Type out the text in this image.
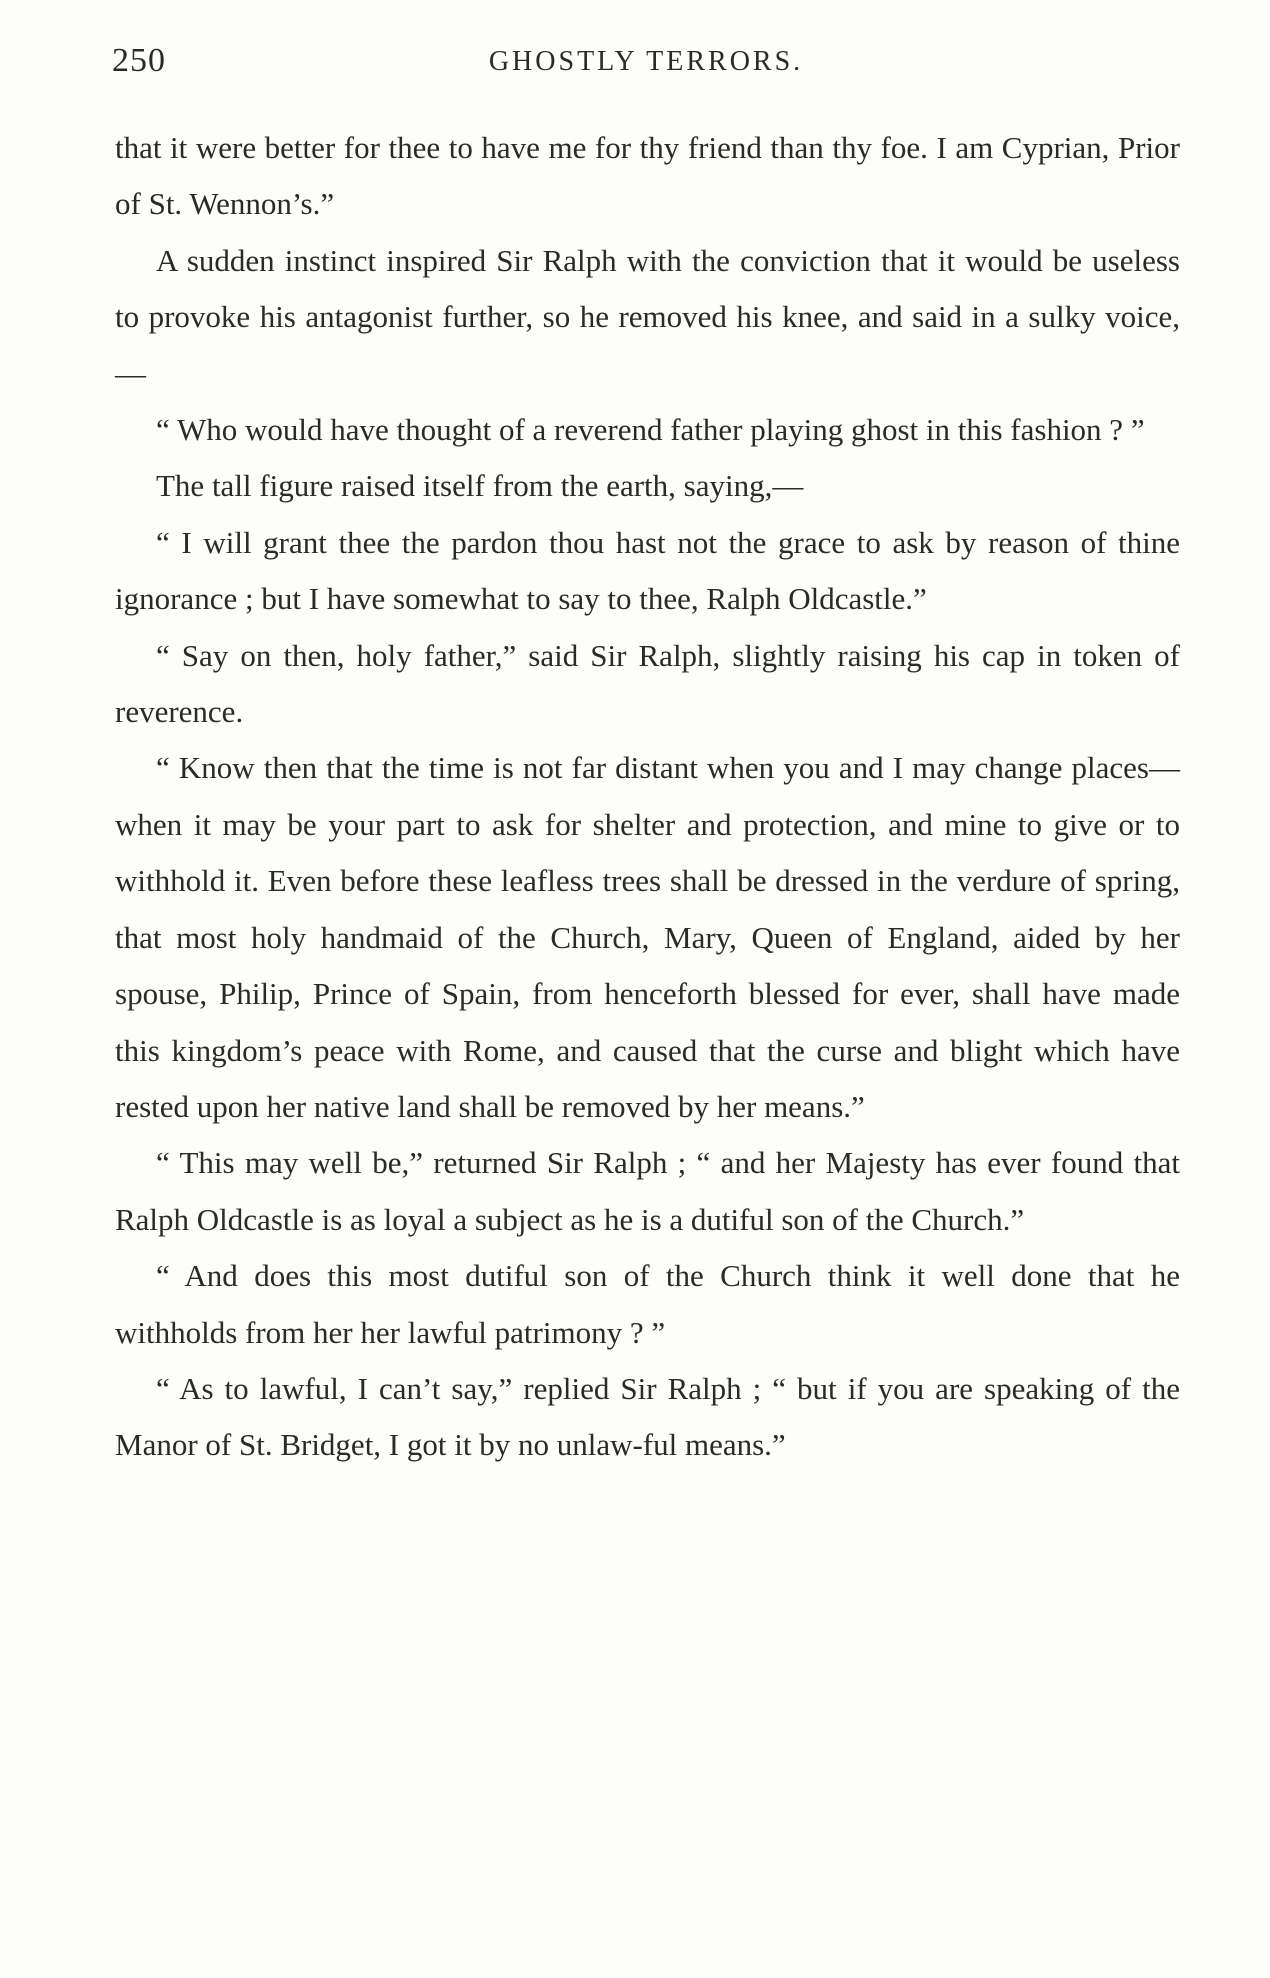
250	GHOSTLY TERRORS.

that it were better for thee to have me for thy friend than thy foe. I am Cyprian, Prior of St. Wennon’s.”

A sudden instinct inspired Sir Ralph with the conviction that it would be useless to provoke his antagonist further, so he removed his knee, and said in a sulky voice,—

“ Who would have thought of a reverend father playing ghost in this fashion ? ”

The tall figure raised itself from the earth, saying,—

“ I will grant thee the pardon thou hast not the grace to ask by reason of thine ignorance ; but I have somewhat to say to thee, Ralph Oldcastle.”

“ Say on then, holy father,” said Sir Ralph, slightly raising his cap in token of reverence.

“ Know then that the time is not far distant when you and I may change places—when it may be your part to ask for shelter and protection, and mine to give or to withhold it. Even before these leafless trees shall be dressed in the verdure of spring, that most holy handmaid of the Church, Mary, Queen of England, aided by her spouse, Philip, Prince of Spain, from henceforth blessed for ever, shall have made this kingdom’s peace with Rome, and caused that the curse and blight which have rested upon her native land shall be removed by her means.”

“ This may well be,” returned Sir Ralph ; “ and her Majesty has ever found that Ralph Oldcastle is as loyal a subject as he is a dutiful son of the Church.”

“ And does this most dutiful son of the Church think it well done that he withholds from her her lawful patrimony ? ”

“ As to lawful, I can’t say,” replied Sir Ralph ; “ but if you are speaking of the Manor of St. Bridget, I got it by no unlaw-ful means.”
